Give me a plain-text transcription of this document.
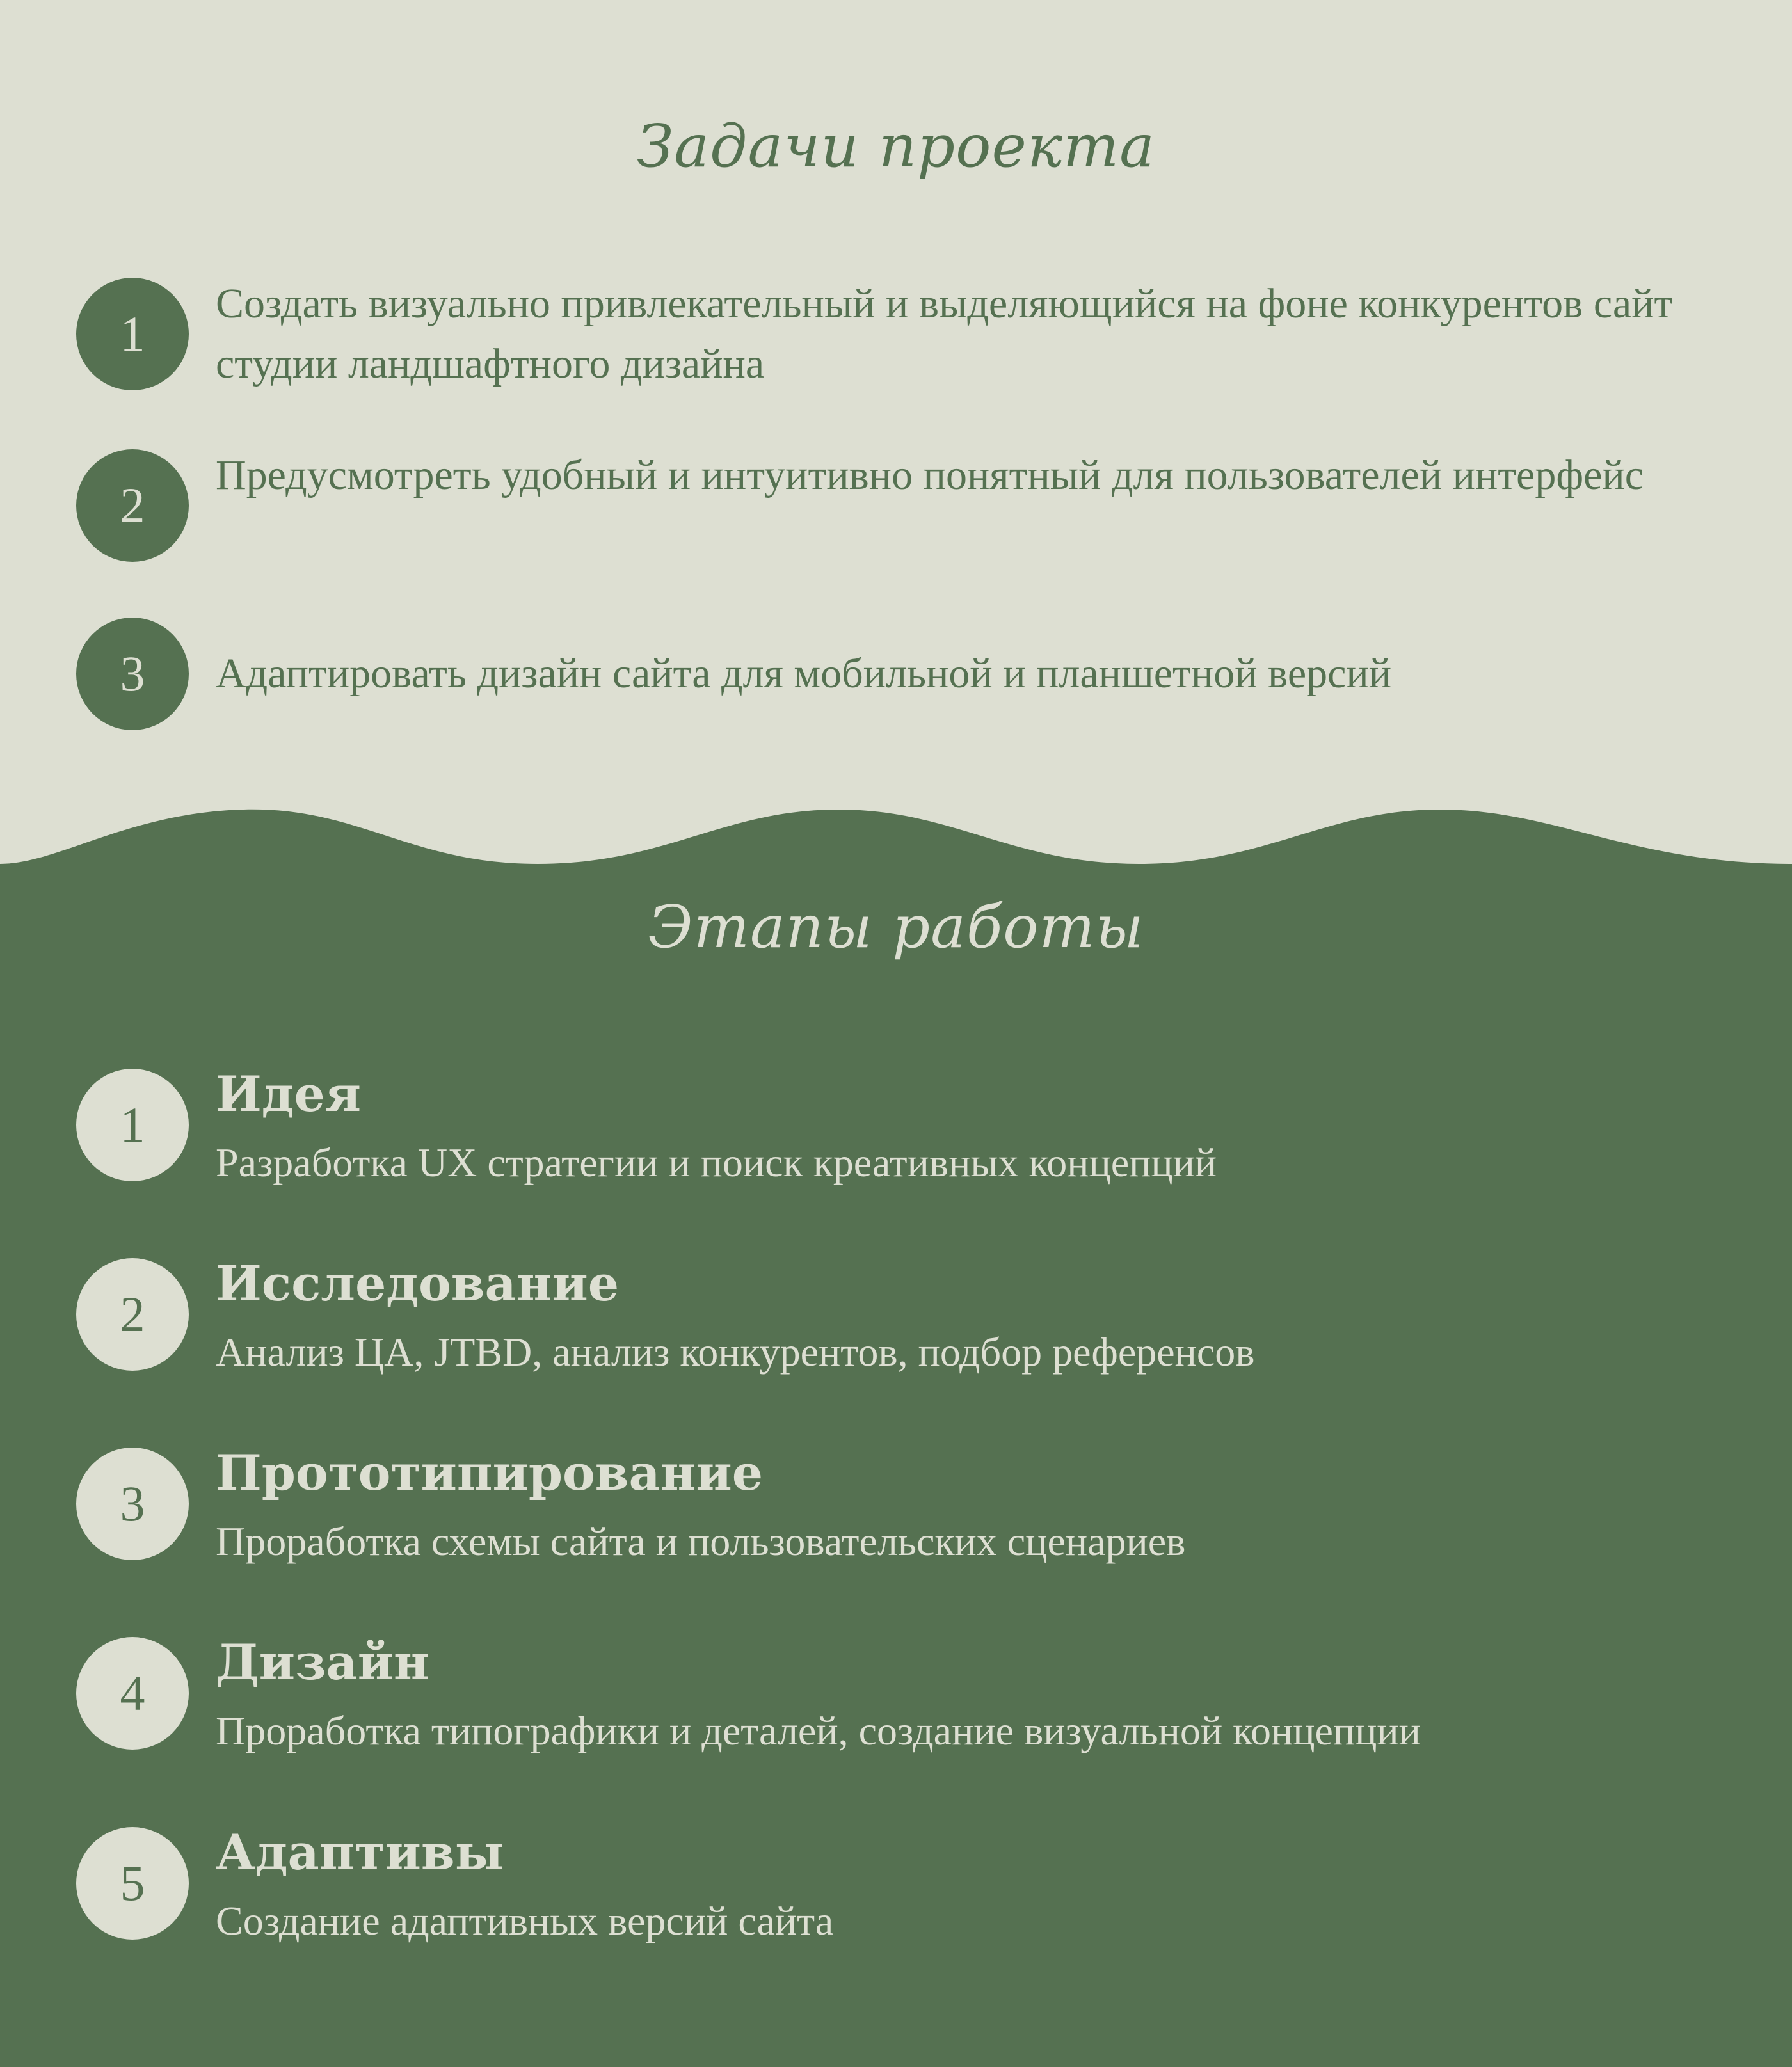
Задачи проекта
1

Создать визуально привлекательный и выделяющийся на фоне конкурентов сайт студии ландшафтного дизайна

2

Предусмотреть удобный и интуитивно понятный для пользователей интерфейс

3	Адаптировать дизайн сайта для мобильной и планшетной версий

Этапы работы
1
Идея

Разработка UX стратегии и поиск креативных концепций

2
Исследование

Анализ ЦА, JTBD, анализ конкурентов, подбор референсов

3
Прототипирование

Проработка схемы сайта и пользовательских сценариев

4
Дизайн

Проработка типографики и деталей, создание визуальной концепции

5
Адаптивы

Создание адаптивных версий сайта
